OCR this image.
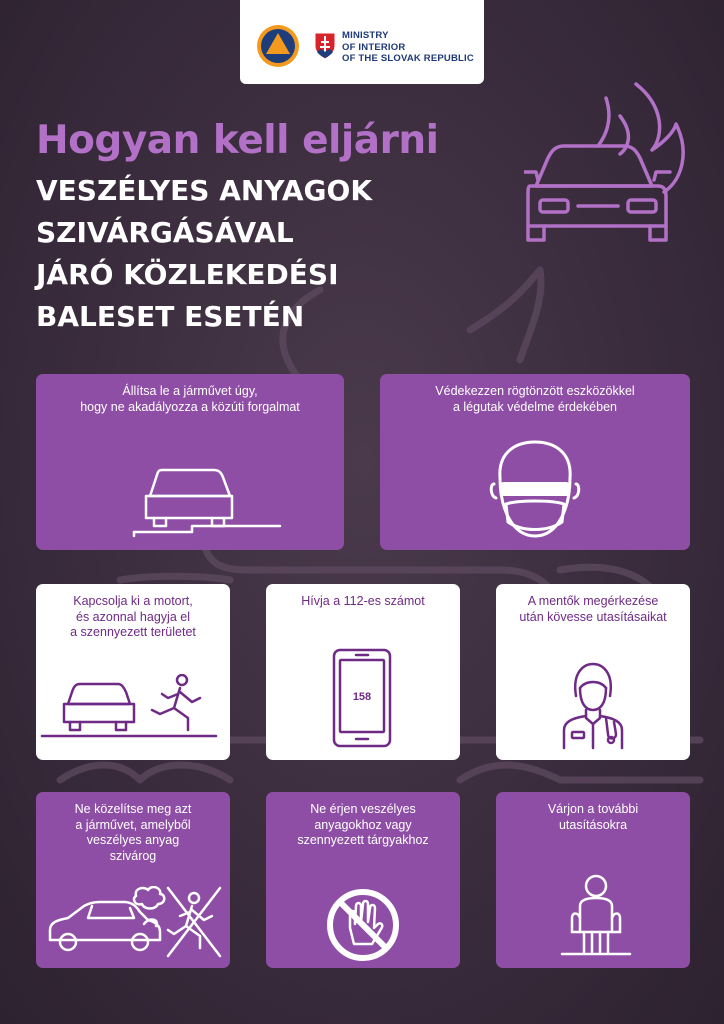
MINISTRY
OF INTERIOR
OF THE SLOVAK REPUBLIC
Hogyan kell eljárni
VESZÉLYES ANYAGOK
SZIVÁRGÁSÁVAL
JÁRÓ KÖZLEKEDÉSI
BALESET ESETÉN
Állítsa le a járművet úgy,
hogy ne akadályozza a közúti forgalmat
Védekezzen rögtönzött eszközökkel
a légutak védelme érdekében
Kapcsolja ki a motort,
és azonnal hagyja el
a szennyezett területet
Hívja a 112-es számot
158
A mentők megérkezése
után kövesse utasításaikat
Ne közelítse meg azt
a járművet, amelyből
veszélyes anyag
szivárog
Ne érjen veszélyes
anyagokhoz vagy
szennyezett tárgyakhoz
Várjon a további
utasításokra
